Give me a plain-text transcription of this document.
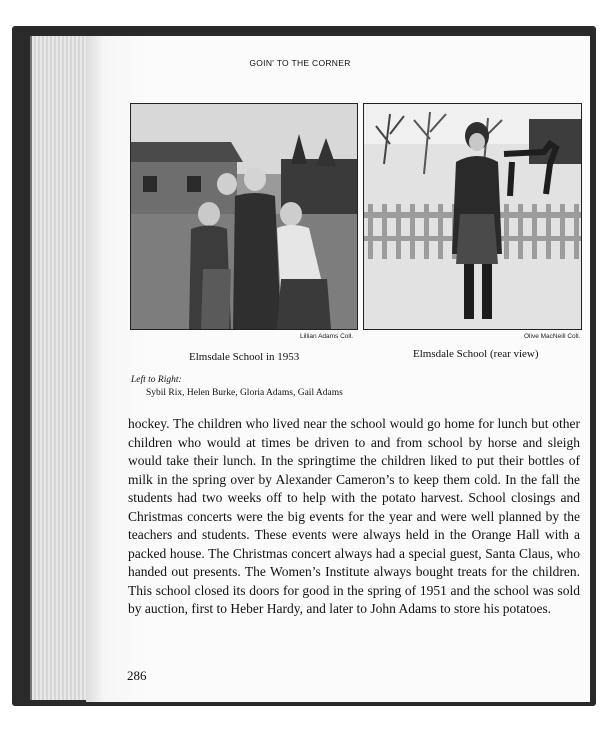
GOIN' TO THE CORNER
Lillian Adams Coll.
Elmsdale School in 1953
Olive MacNeill Coll.
Elmsdale School (rear view)
Left to Right:
Sybil Rix, Helen Burke, Gloria Adams, Gail Adams

hockey. The children who lived near the school would go home for lunch but other children who would at times be driven to and from school by horse and sleigh would take their lunch. In the springtime the children liked to put their bottles of milk in the spring over by Alexander Cameron’s to keep them cold. In the fall the students had two weeks off to help with the potato harvest. School closings and Christmas concerts were the big events for the year and were well planned by the teachers and students. These events were always held in the Orange Hall with a packed house. The Christmas concert always had a special guest, Santa Claus, who handed out presents. The Women’s Institute always bought treats for the children. This school closed its doors for good in the spring of 1951 and the school was sold by auction, first to Heber Hardy, and later to John Adams to store his potatoes.

286
